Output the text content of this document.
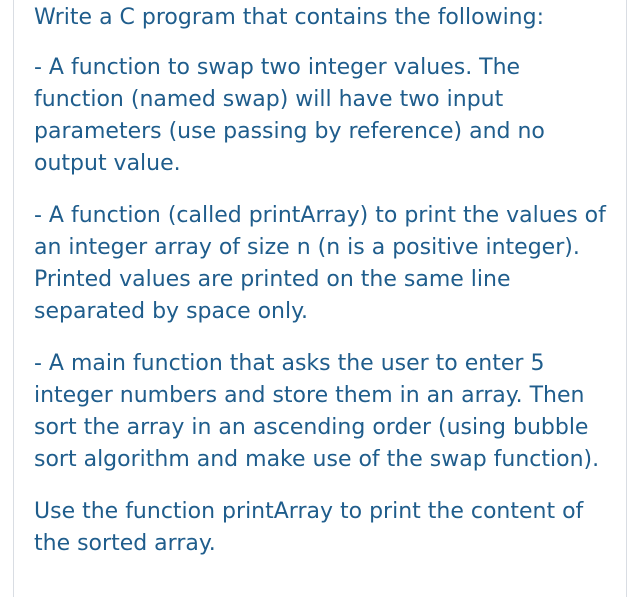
Write a C program that contains the following:

- A function to swap two integer values. The function (named swap) will have two input parameters (use passing by reference) and no output value.

- A function (called printArray) to print the values of an integer array of size n (n is a positive integer). Printed values are printed on the same line separated by space only.

- A main function that asks the user to enter 5 integer numbers and store them in an array. Then sort the array in an ascending order (using bubble sort algorithm and make use of the swap function).

Use the function printArray to print the content of the sorted array.
